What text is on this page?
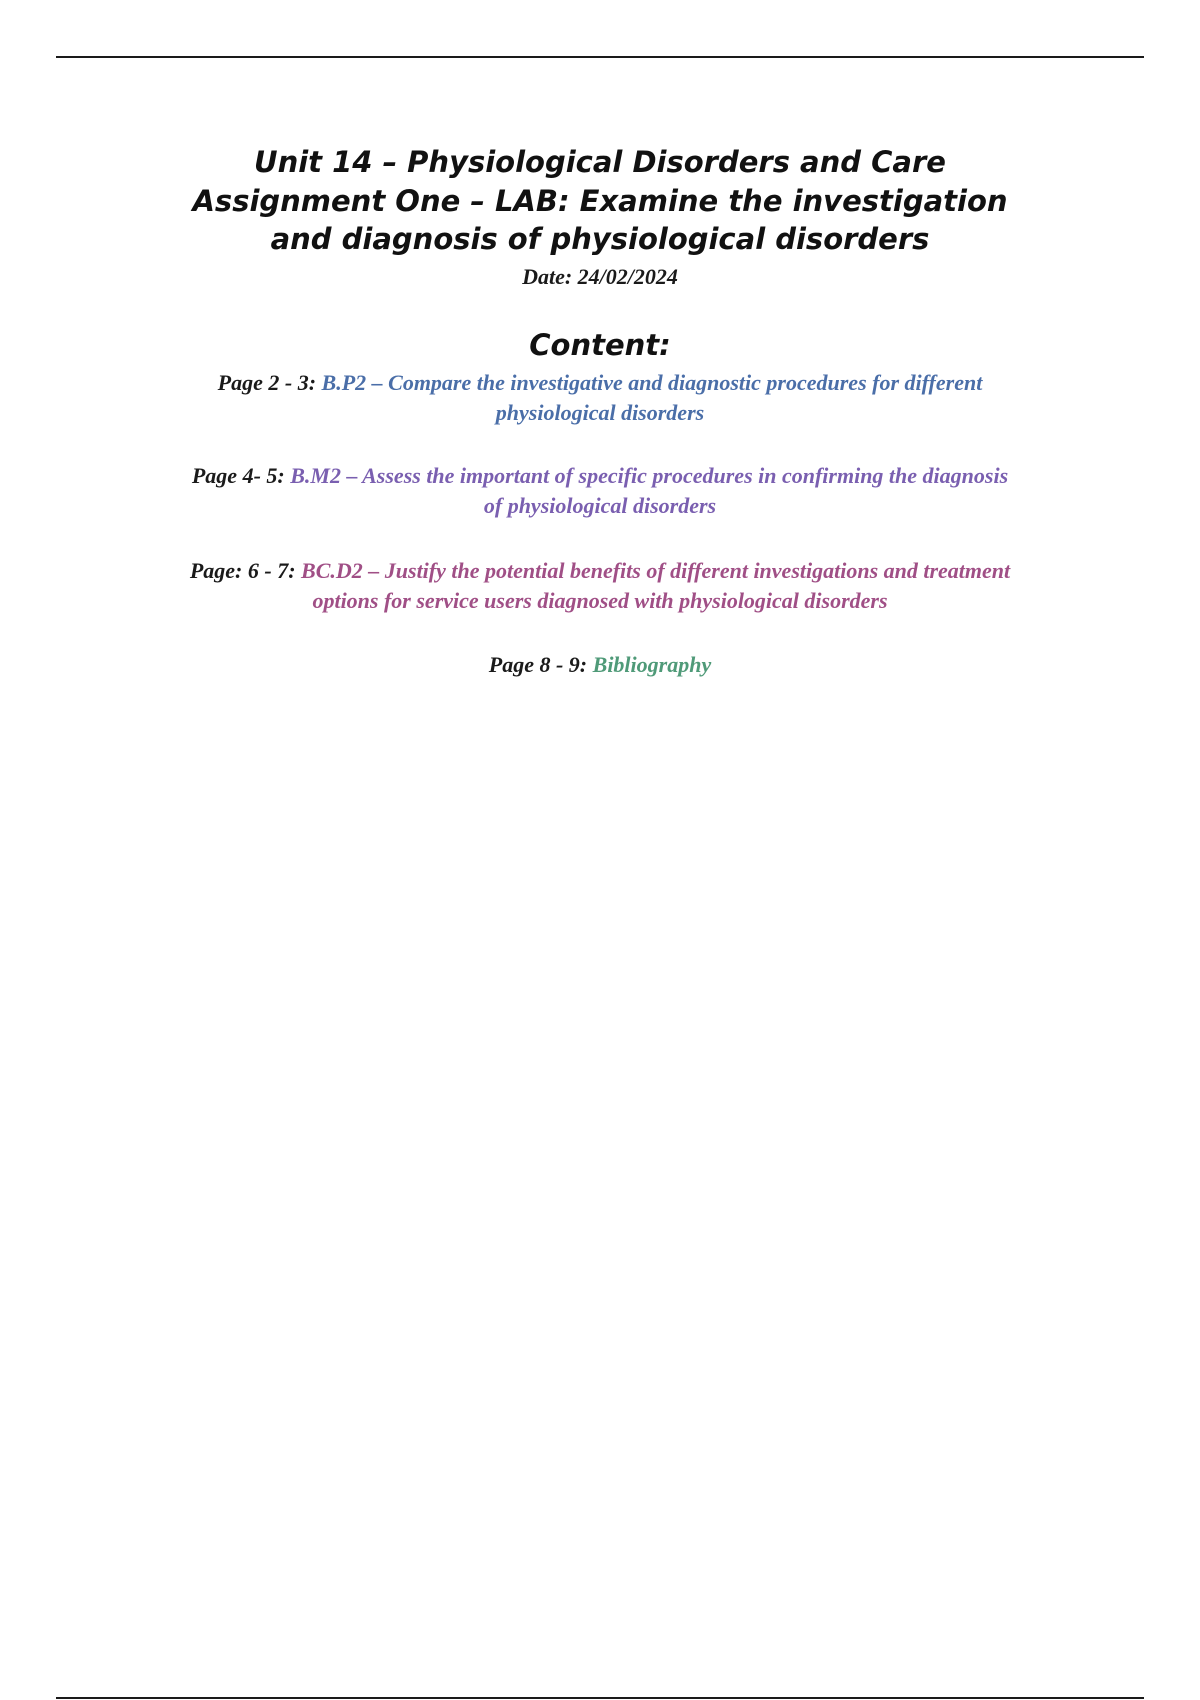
Unit 14 – Physiological Disorders and Care
Assignment One – LAB: Examine the investigation
and diagnosis of physiological disorders
Date: 24/02/2024
Content:
Page 2 - 3: B.P2 – Compare the investigative and diagnostic procedures for different
physiological disorders
Page 4- 5: B.M2 – Assess the important of specific procedures in confirming the diagnosis
of physiological disorders
Page: 6 - 7: BC.D2 – Justify the potential benefits of different investigations and treatment
options for service users diagnosed with physiological disorders
Page 8 - 9: Bibliography
